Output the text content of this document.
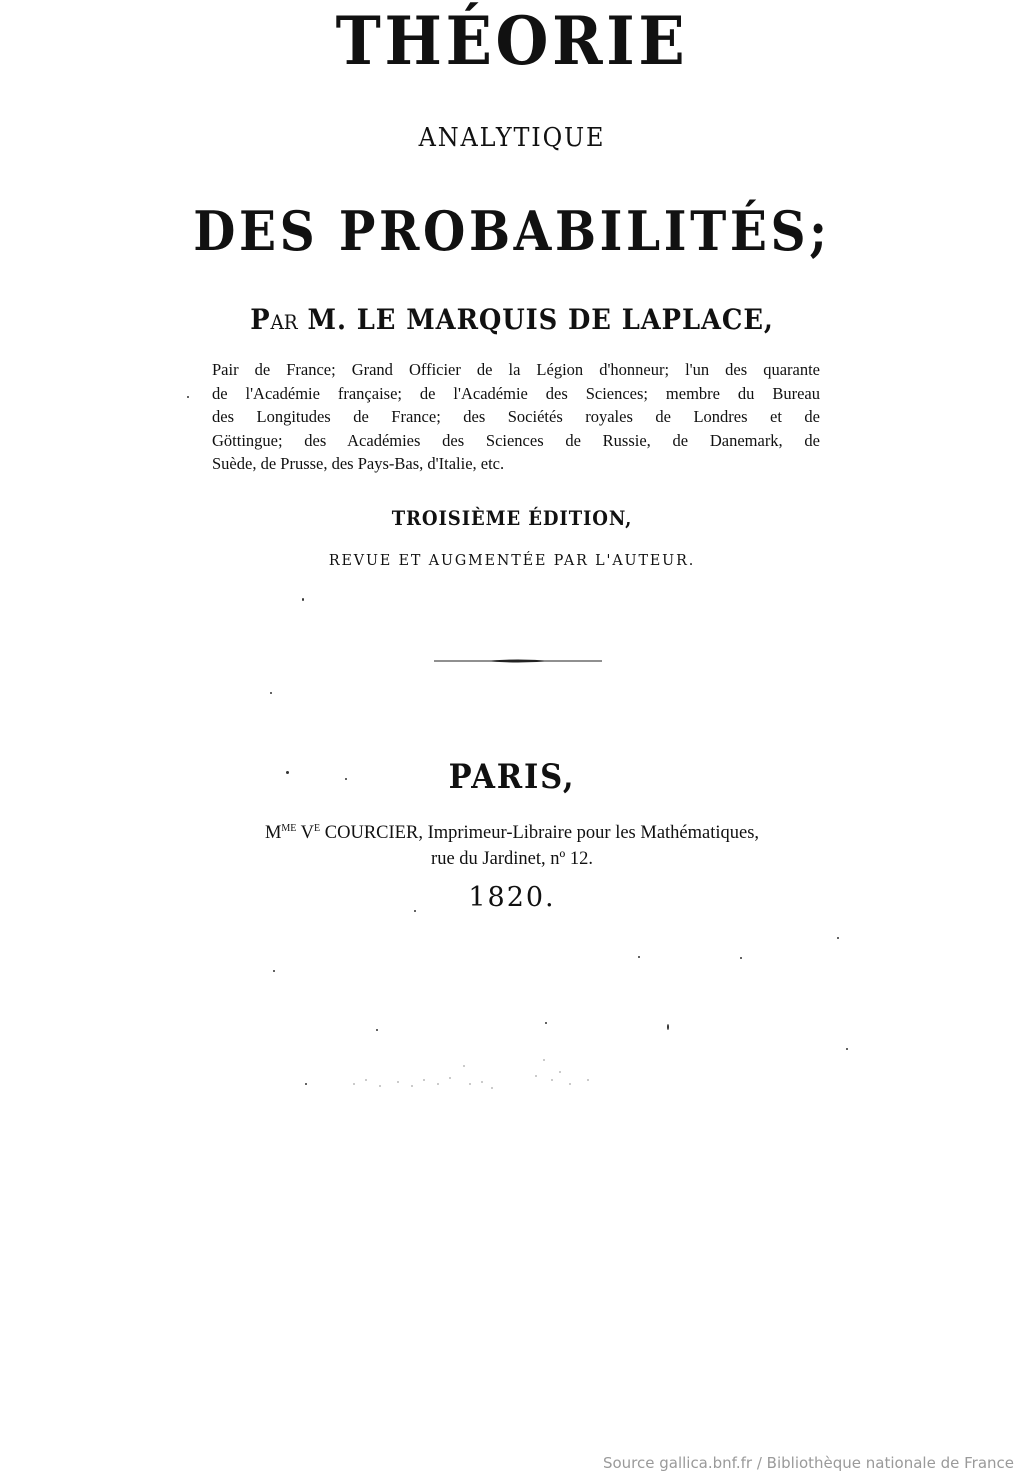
THÉORIE
ANALYTIQUE
DES PROBABILITÉS;
PAR M. LE MARQUIS DE LAPLACE,
Pair de France; Grand Officier de la Légion d'honneur; l'un des quarante
de l'Académie française; de l'Académie des Sciences; membre du Bureau
des Longitudes de France; des Sociétés royales de Londres et de
Göttingue; des Académies des Sciences de Russie, de Danemark, de
Suède, de Prusse, des Pays-Bas, d'Italie, etc.
TROISIÈME ÉDITION,
REVUE ET AUGMENTÉE PAR L'AUTEUR.
PARIS,
$M^{ME}$ $V^E$ COURCIER, Imprimeur-Libraire pour les Mathématiques,
rue du Jardinet, nº 12.
1820.
Source gallica.bnf.fr / Bibliothèque nationale de France
